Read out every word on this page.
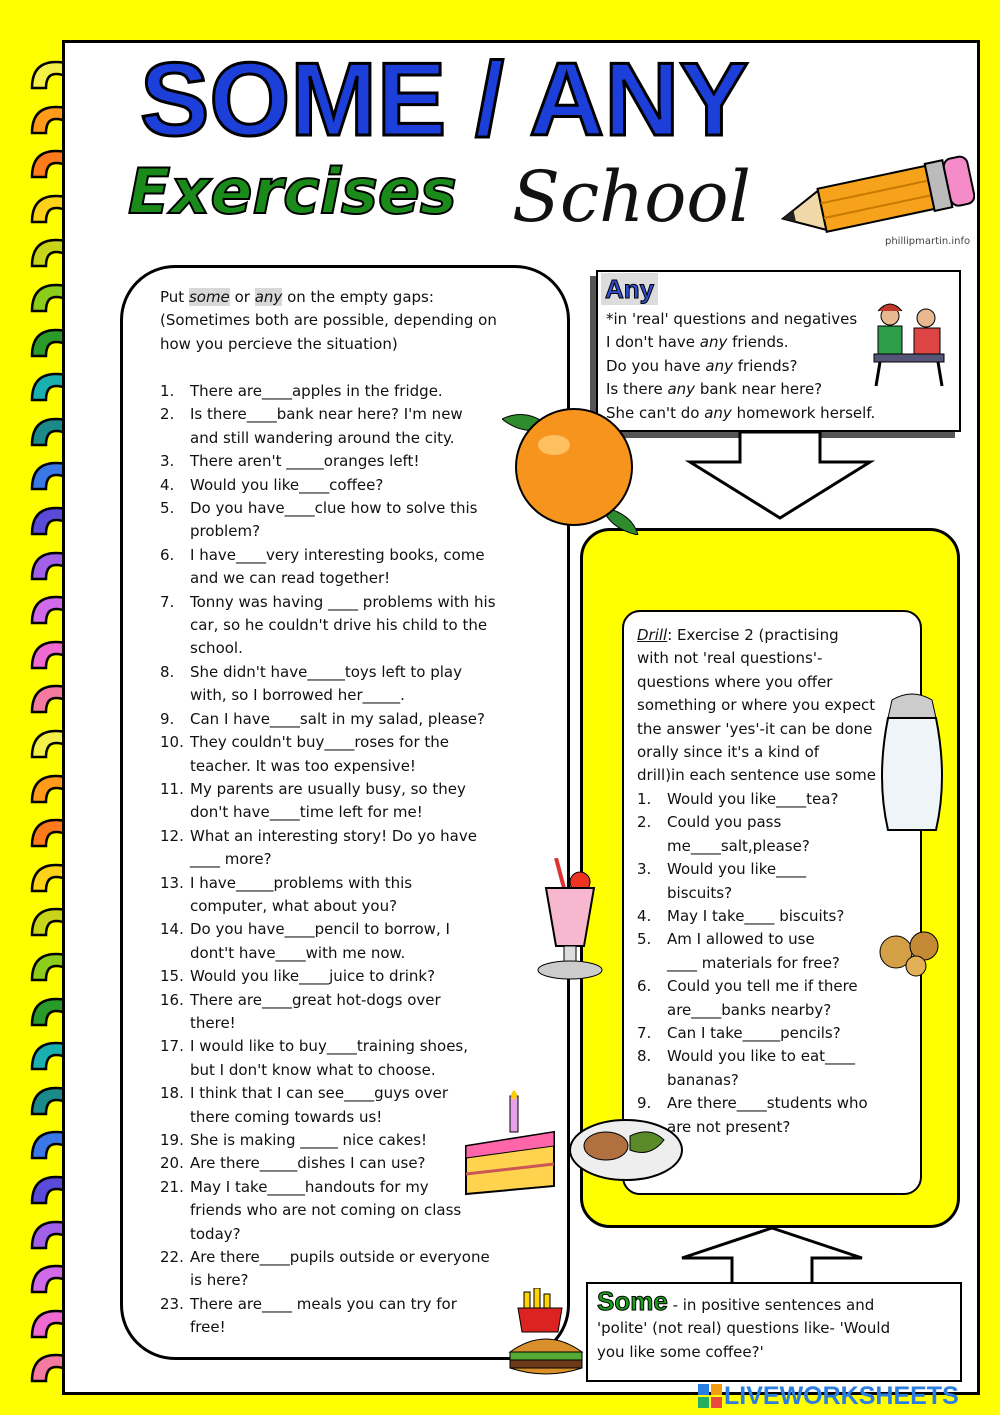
SOME / ANY
Exercises School
phillipmartin.info
Put some or any on the empty gaps:
(Sometimes both are possible, depending on
how you percieve the situation)
1.	There are____apples in the fridge.
2.	Is there____bank near here? I'm new
and still wandering around the city.
3.	There aren't _____oranges left!
4.	Would you like____coffee?
5.	Do you have____clue how to solve this
problem?
6.	I have____very interesting books, come
and we can read together!
7.	Tonny was having ____ problems with his
car, so he couldn't drive his child to the
school.
8.	She didn't have_____toys left to play
with, so I borrowed her_____.
9.	Can I have____salt in my salad, please?
10. They couldn't buy____roses for the
teacher. It was too expensive!
11. My parents are usually busy, so they
don't have____time left for me!
12. What an interesting story! Do yo have
____ more?
13. I have_____problems with this
computer, what about you?
14. Do you have____pencil to borrow, I
dont't have____with me now.
15. Would you like____juice to drink?
16. There are____great hot-dogs over
there!
17. I would like to buy____training shoes,
but I don't know what to choose.
18. I think that I can see____guys over
there coming towards us!
19. She is making _____ nice cakes!
20. Are there_____dishes I can use?
21. May I take_____handouts for my
friends who are not coming on class
today?
22. Are there____pupils outside or everyone
is here?
23. There are____ meals you can try for
free!
Any
*in 'real' questions and negatives
I don't have any friends.
Do you have any friends?
Is there any bank near here?
She can't do any homework herself.
Drill: Exercise 2 (practising
with not 'real questions'-
questions where you offer
something or where you expect
the answer 'yes'-it can be done
orally since it's a kind of
drill)in each sentence use some
1.	Would you like____tea?
2.	Could you pass
me____salt,please?
3.	Would you like____
biscuits?
4.	May I take____ biscuits?
5.	Am I allowed to use
____ materials for free?
6.	Could you tell me if there
are____banks nearby?
7.	Can I take_____pencils?
8.	Would you like to eat____
bananas?
9.	Are there____students who
are not present?
Some - in positive sentences and
'polite' (not real) questions like- 'Would
you like some coffee?'
LIVEWORKSHEETS
